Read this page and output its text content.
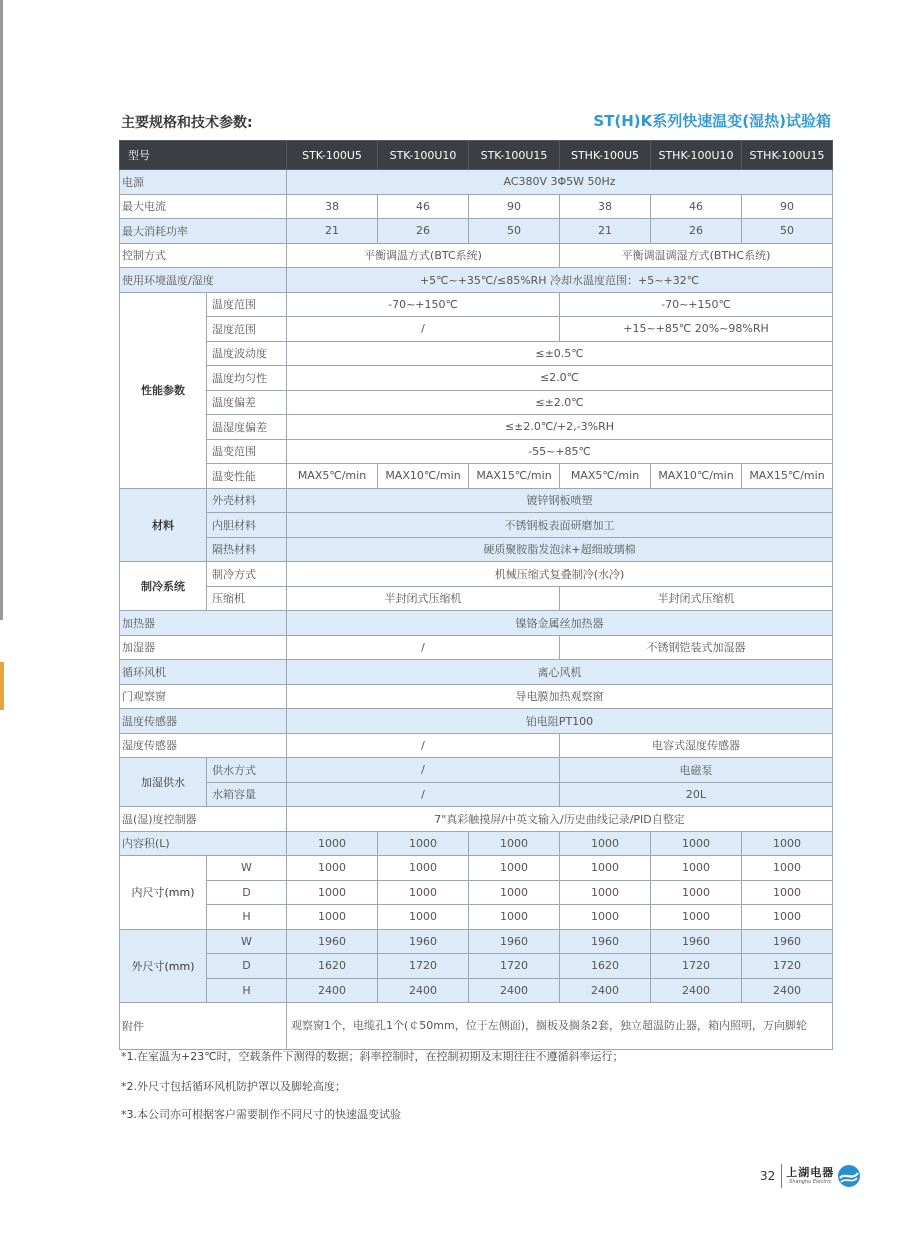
主要规格和技术参数:	ST(H)K系列快速温变(湿热)试验箱
型号		STK-100U5	STK-100U10	STK-100U15	STHK-100U5	STHK-100U10	STHK-100U15
电源		AC380V 3Φ5W 50Hz					
最大电流		38	46	90	38	46	90
最大消耗功率		21	26	50	21	26	50
控制方式		平衡调温方式(BTC系统)			平衡调温调湿方式(BTHC系统)		
使用环境温度/湿度		+5℃~+35℃/≤85%RH 冷却水温度范围：+5~+32℃					
性能参数	温度范围	-70~+150℃			-70~+150℃		
	湿度范围	/			+15~+85℃ 20%~98%RH		
	温度波动度	≤±0.5℃					
	温度均匀性	≤2.0℃					
	温度偏差	≤±2.0℃					
	温湿度偏差	≤±2.0℃/+2,-3%RH					
	温变范围	-55~+85℃					
	温变性能	MAX5℃/min	MAX10℃/min	MAX15℃/min	MAX5℃/min	MAX10℃/min	MAX15℃/min
材料	外壳材料	镀锌钢板喷塑					
	内胆材料	不锈钢板表面研磨加工					
	隔热材料	硬质聚胺脂发泡沫+超细玻璃棉					
制冷系统	制冷方式	机械压缩式复叠制冷(水冷)					
	压缩机	半封闭式压缩机			半封闭式压缩机		
加热器		镍铬金属丝加热器					
加湿器		/			不锈钢铠装式加湿器		
循环风机		离心风机					
门观察窗		导电膜加热观察窗					
温度传感器		铂电阻PT100					
湿度传感器		/			电容式湿度传感器		
加湿供水	供水方式	/			电磁泵		
	水箱容量	/			20L		
温(湿)度控制器		7"真彩触摸屏/中英文输入/历史曲线记录/PID自整定					
内容积(L)		1000	1000	1000	1000	1000	1000
内尺寸(mm)	W	1000	1000	1000	1000	1000	1000
	D	1000	1000	1000	1000	1000	1000
	H	1000	1000	1000	1000	1000	1000
外尺寸(mm)	W	1960	1960	1960	1960	1960	1960
	D	1620	1720	1720	1620	1720	1720
	H	2400	2400	2400	2400	2400	2400
附件		观察窗1个，电缆孔1个(￠50mm，位于左侧面)，搁板及搁条2套，独立超温防止器，箱内照明，万向脚轮					
*1.在室温为+23℃时，空载条件下测得的数据；斜率控制时，在控制初期及末期往往不遵循斜率运行；
*2.外尺寸包括循环风机防护罩以及脚轮高度；
*3.本公司亦可根据客户需要制作不同尺寸的快速温变试验
32 上湖电器
Shanghu Electric
